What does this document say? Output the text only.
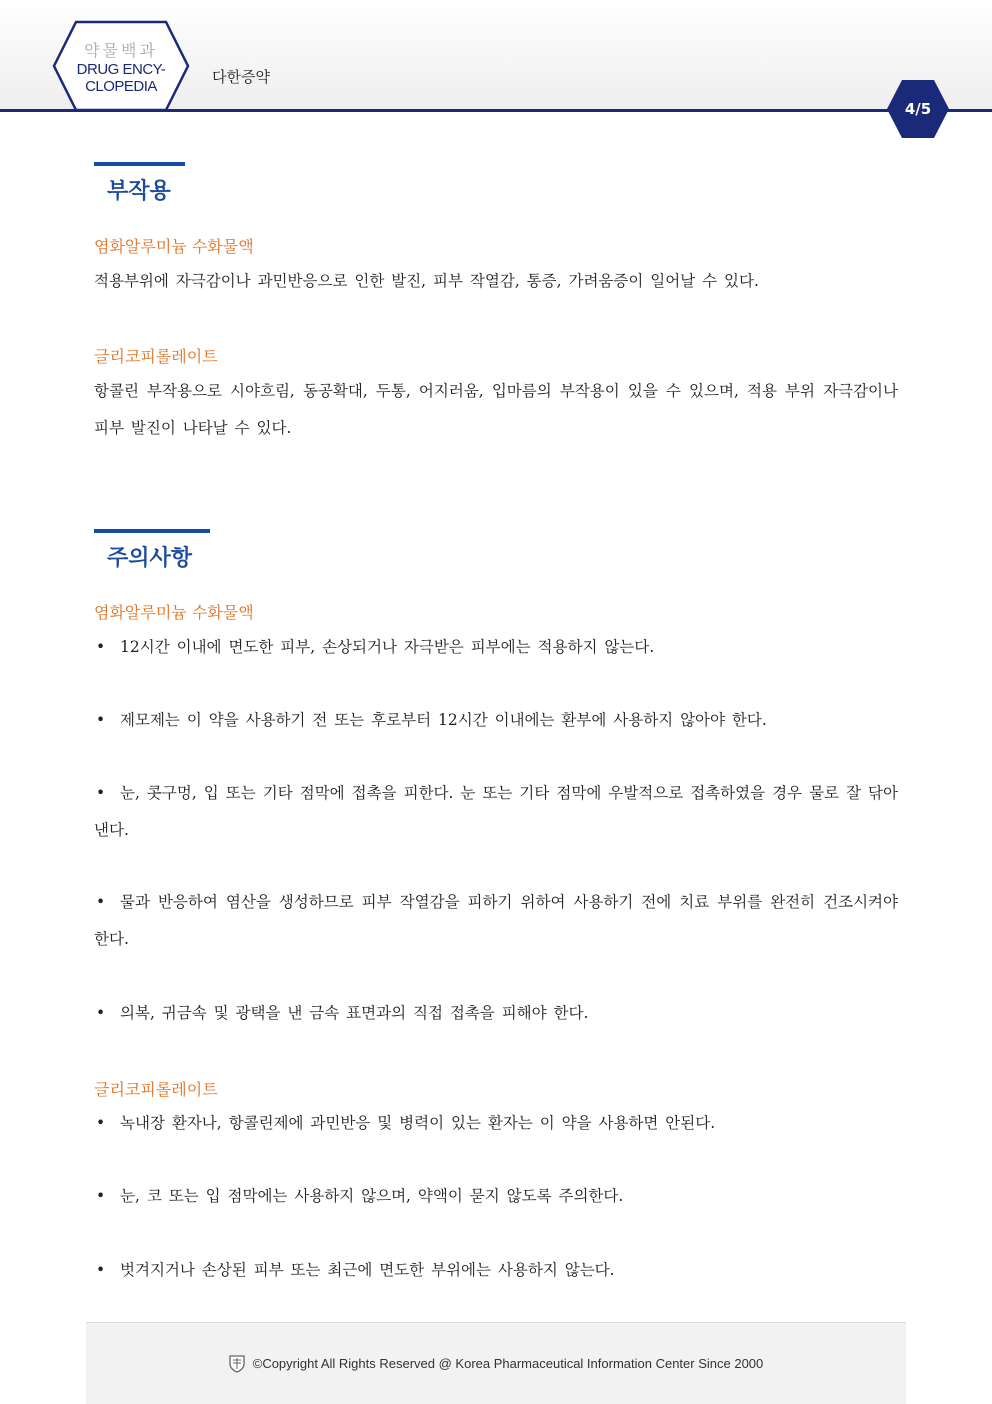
약물백과
DRUG ENCY-
CLOPEDIA
다한증약
4/5
부작용
염화알루미늄 수화물액
적용부위에 자극감이나 과민반응으로 인한 발진, 피부 작열감, 통증, 가려움증이 일어날 수 있다.
글리코피롤레이트
항콜린 부작용으로 시야흐림, 동공확대, 두통, 어지러움, 입마름의 부작용이 있을 수 있으며, 적용 부위 자극감이나 피부 발진이 나타날 수 있다.
주의사항
염화알루미늄 수화물액
• 12시간 이내에 면도한 피부, 손상되거나 자극받은 피부에는 적용하지 않는다.
• 제모제는 이 약을 사용하기 전 또는 후로부터 12시간 이내에는 환부에 사용하지 않아야 한다.
• 눈, 콧구멍, 입 또는 기타 점막에 접촉을 피한다. 눈 또는 기타 점막에 우발적으로 접촉하였을 경우 물로 잘 닦아낸다.
• 물과 반응하여 염산을 생성하므로 피부 작열감을 피하기 위하여 사용하기 전에 치료 부위를 완전히 건조시켜야 한다.
• 의복, 귀금속 및 광택을 낸 금속 표면과의 직접 접촉을 피해야 한다.
글리코피롤레이트
• 녹내장 환자나, 항콜린제에 과민반응 및 병력이 있는 환자는 이 약을 사용하면 안된다.
• 눈, 코 또는 입 점막에는 사용하지 않으며, 약액이 묻지 않도록 주의한다.
• 벗겨지거나 손상된 피부 또는 최근에 면도한 부위에는 사용하지 않는다.
©Copyright All Rights Reserved @ Korea Pharmaceutical Information Center Since 2000
